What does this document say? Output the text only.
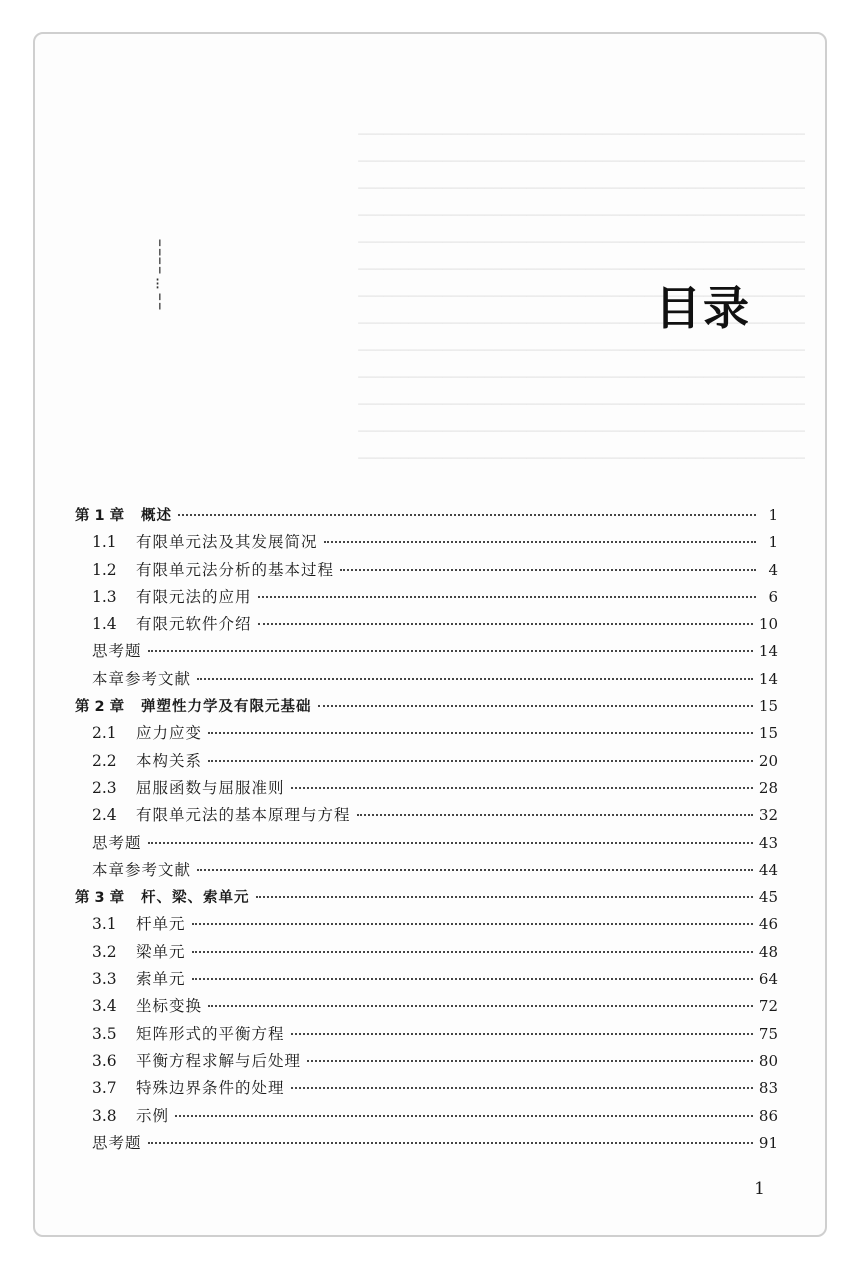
─────────────────────────────────────────────────────
─────────────────────────────────────────────────────
─────────────────────────────────────────────────────
─────────────────────────────────────────────────────
─────────────────────────────────────────────────────
─────────────────────────────────────────────────────
─────────────────────────────────────────────────────
─────────────────────────────────────────────────────
─────────────────────────────────────────────────────
─────────────────────────────────────────────────────
─────────────────────────────────────────────────────
─────────────────────────────────────────────────────
─────────────────────────────────────────────────────
╎
╎
⁝
╎	目录
第 1 章	概述	1
1.1	有限单元法及其发展简况	1
1.2	有限单元法分析的基本过程	4
1.3	有限元法的应用	6
1.4	有限元软件介绍	10
思考题	14
本章参考文献	14
第 2 章	弹塑性力学及有限元基础	15
2.1	应力应变	15
2.2	本构关系	20
2.3	屈服函数与屈服准则	28
2.4	有限单元法的基本原理与方程	32
思考题	43
本章参考文献	44
第 3 章	杆、梁、索单元	45
3.1	杆单元	46
3.2	梁单元	48
3.3	索单元	64
3.4	坐标变换	72
3.5	矩阵形式的平衡方程	75
3.6	平衡方程求解与后处理	80
3.7	特殊边界条件的处理	83
3.8	示例	86
思考题	91
1
